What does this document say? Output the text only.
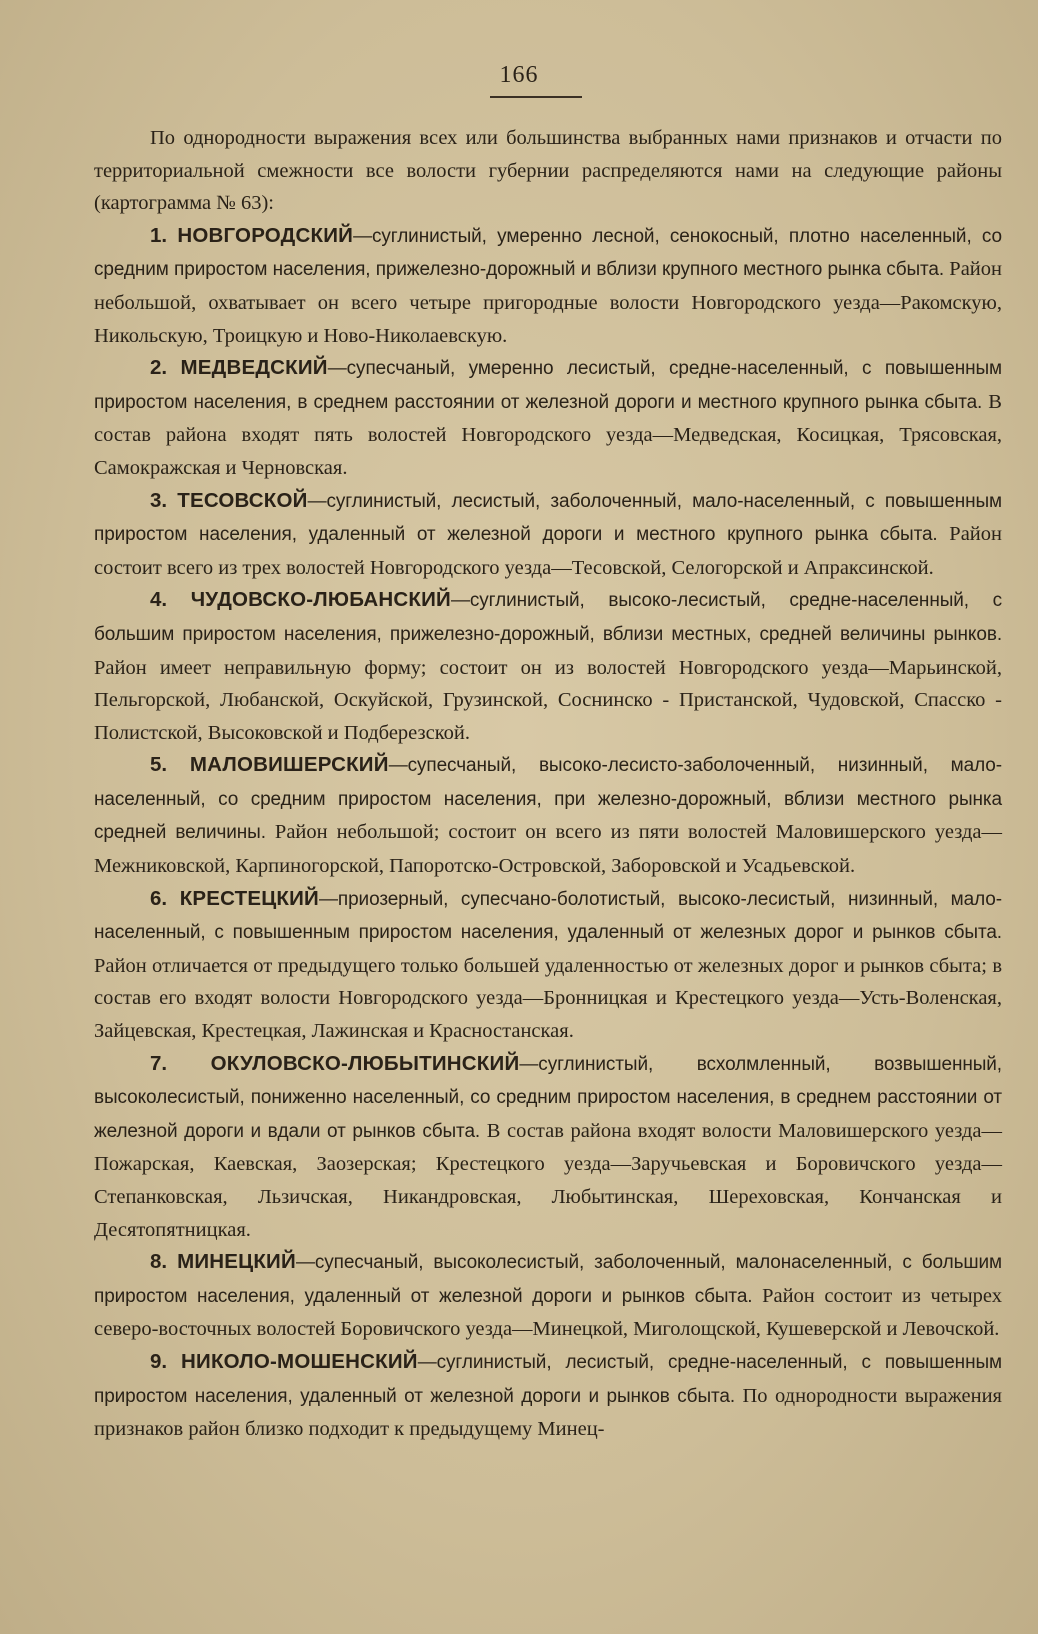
166

По однородности выражения всех или большинства выбранных нами признаков и отчасти по территориальной смежности все волости губернии распределяются нами на следующие районы (картограмма № 63):

1. НОВГОРОДСКИЙ—суглинистый, умеренно лесной, сенокосный, плотно населенный, со средним приростом населения, прижелезно-дорожный и вблизи крупного местного рынка сбыта. Район небольшой, охватывает он всего четыре пригородные волости Новгородского уезда—Ракомскую, Никольскую, Троицкую и Ново-Николаевскую.

2. МЕДВЕДСКИЙ—супесчаный, умеренно лесистый, средне-населенный, с повышенным приростом населения, в среднем расстоянии от железной дороги и местного крупного рынка сбыта. В состав района входят пять волостей Новгородского уезда—Медведская, Косицкая, Трясовская, Самокражская и Черновская.

3. ТЕСОВСКОЙ—суглинистый, лесистый, заболоченный, мало-населенный, с повышенным приростом населения, удаленный от железной дороги и местного крупного рынка сбыта. Район состоит всего из трех волостей Новгородского уезда—Тесовской, Селогорской и Апраксинской.

4. ЧУДОВСКО-ЛЮБАНСКИЙ—суглинистый, высоко-лесистый, средне-населенный, с большим приростом населения, прижелезно-дорожный, вблизи местных, средней величины рынков. Район имеет неправильную форму; состоит он из волостей Новгородского уезда—Марьинской, Пельгорской, Любанской, Оскуйской, Грузинской, Соснинско - Пристанской, Чудовской, Спасско - Полистской, Высоковской и Подберезской.

5. МАЛОВИШЕРСКИЙ—супесчаный, высоко-лесисто-заболоченный, низинный, мало-населенный, со средним приростом населения, при железно-дорожный, вблизи местного рынка средней величины. Район небольшой; состоит он всего из пяти волостей Маловишерского уезда—Межниковской, Карпиногорской, Папоротско-Островской, Заборовской и Усадьевской.

6. КРЕСТЕЦКИЙ—приозерный, супесчано-болотистый, высоко-лесистый, низинный, мало-населенный, с повышенным приростом населения, удаленный от железных дорог и рынков сбыта. Район отличается от предыдущего только большей удаленностью от железных дорог и рынков сбыта; в состав его входят волости Новгородского уезда—Бронницкая и Крестецкого уезда—Усть-Воленская, Зайцевская, Крестецкая, Лажинская и Красностанская.

7. ОКУЛОВСКО-ЛЮБЫТИНСКИЙ—суглинистый, всхолмленный, возвышенный, высоколесистый, пониженно населенный, со средним приростом населения, в среднем расстоянии от железной дороги и вдали от рынков сбыта. В состав района входят волости Маловишерского уезда—Пожарская, Каевская, Заозерская; Крестецкого уезда—Заручьевская и Боровичского уезда—Степанковская, Льзичская, Никандровская, Любытинская, Шереховская, Кончанская и Десятопятницкая.

8. МИНЕЦКИЙ—супесчаный, высоколесистый, заболоченный, малонаселенный, с большим приростом населения, удаленный от железной дороги и рынков сбыта. Район состоит из четырех северо-восточных волостей Боровичского уезда—Минецкой, Миголощской, Кушеверской и Левочской.

9. НИКОЛО-МОШЕНСКИЙ—суглинистый, лесистый, средне-населенный, с повышенным приростом населения, удаленный от железной дороги и рынков сбыта. По однородности выражения признаков район близко подходит к предыдущему Минец-
